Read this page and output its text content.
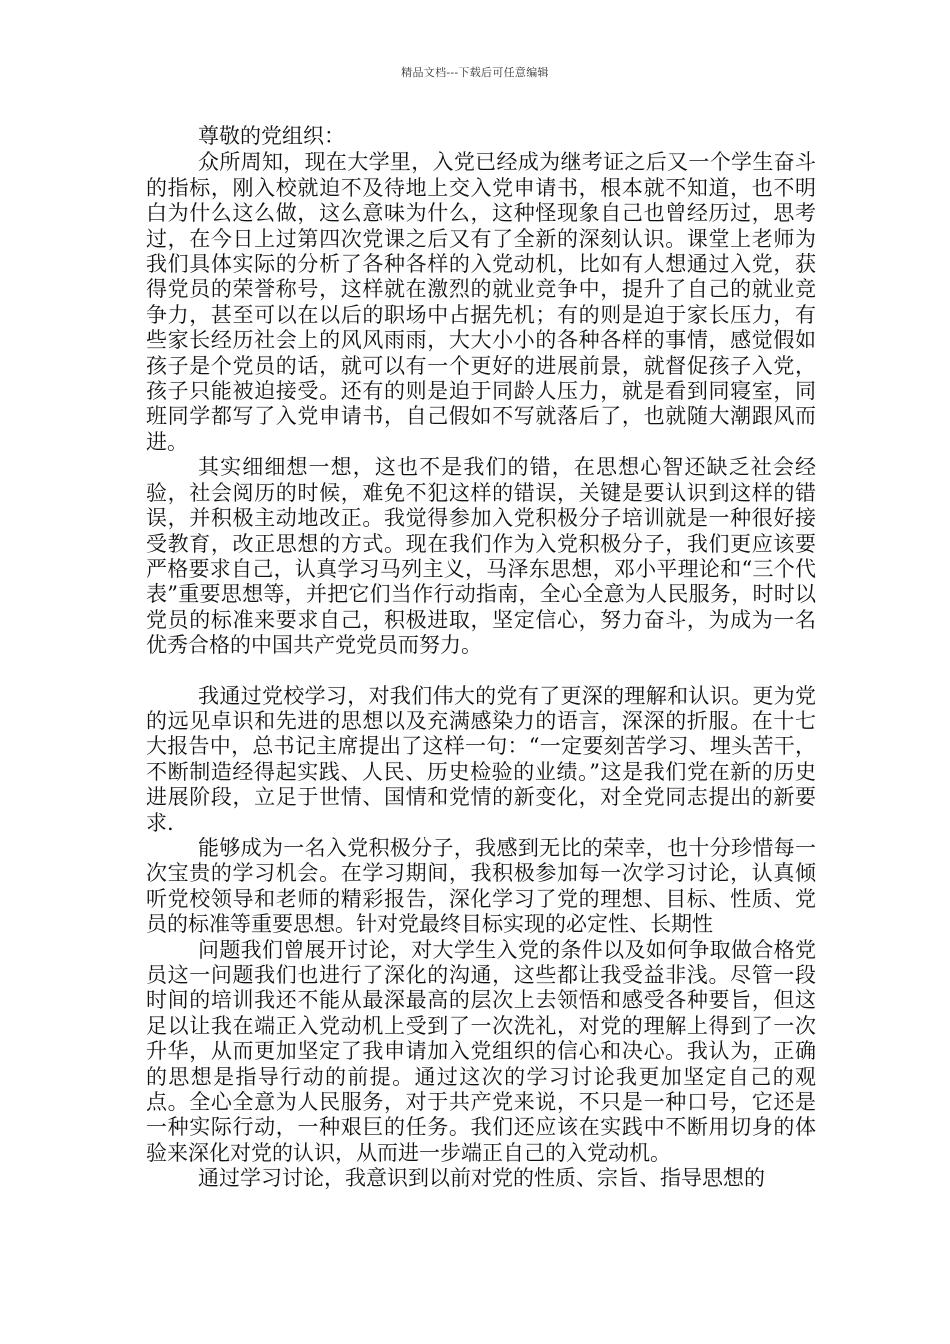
精品文档---下载后可任意编辑
尊敬的党组织：

众所周知，现在大学里，入党已经成为继考证之后又一个学生奋斗的指标，刚入校就迫不及待地上交入党申请书，根本就不知道，也不明白为什么这么做，这么意味为什么，这种怪现象自己也曾经历过，思考过，在今日上过第四次党课之后又有了全新的深刻认识。课堂上老师为我们具体实际的分析了各种各样的入党动机，比如有人想通过入党，获得党员的荣誉称号，这样就在激烈的就业竞争中，提升了自己的就业竞争力，甚至可以在以后的职场中占据先机；有的则是迫于家长压力，有些家长经历社会上的风风雨雨，大大小小的各种各样的事情，感觉假如孩子是个党员的话，就可以有一个更好的进展前景，就督促孩子入党，孩子只能被迫接受。还有的则是迫于同龄人压力，就是看到同寝室，同班同学都写了入党申请书，自己假如不写就落后了，也就随大潮跟风而进。

其实细细想一想，这也不是我们的错，在思想心智还缺乏社会经验，社会阅历的时候，难免不犯这样的错误，关键是要认识到这样的错误，并积极主动地改正。我觉得参加入党积极分子培训就是一种很好接受教育，改正思想的方式。现在我们作为入党积极分子，我们更应该要严格要求自己，认真学习马列主义，马泽东思想，邓小平理论和“三个代表”重要思想等，并把它们当作行动指南，全心全意为人民服务，时时以党员的标准来要求自己，积极进取，坚定信心，努力奋斗，为成为一名优秀合格的中国共产党党员而努力。

我通过党校学习，对我们伟大的党有了更深的理解和认识。更为党的远见卓识和先进的思想以及充满感染力的语言，深深的折服。在十七大报告中，总书记主席提出了这样一句：“一定要刻苦学习、埋头苦干，不断制造经得起实践、人民、历史检验的业绩。”这是我们党在新的历史进展阶段，立足于世情、国情和党情的新变化，对全党同志提出的新要求.

能够成为一名入党积极分子，我感到无比的荣幸，也十分珍惜每一次宝贵的学习机会。在学习期间，我积极参加每一次学习讨论，认真倾听党校领导和老师的精彩报告，深化学习了党的理想、目标、性质、党员的标准等重要思想。针对党最终目标实现的必定性、长期性

问题我们曾展开讨论，对大学生入党的条件以及如何争取做合格党员这一问题我们也进行了深化的沟通，这些都让我受益非浅。尽管一段时间的培训我还不能从最深最高的层次上去领悟和感受各种要旨，但这足以让我在端正入党动机上受到了一次洗礼，对党的理解上得到了一次升华，从而更加坚定了我申请加入党组织的信心和决心。我认为，正确的思想是指导行动的前提。通过这次的学习讨论我更加坚定自己的观点。全心全意为人民服务，对于共产党来说，不只是一种口号，它还是一种实际行动，一种艰巨的任务。我们还应该在实践中不断用切身的体验来深化对党的认识，从而进一步端正自己的入党动机。

通过学习讨论，我意识到以前对党的性质、宗旨、指导思想的
